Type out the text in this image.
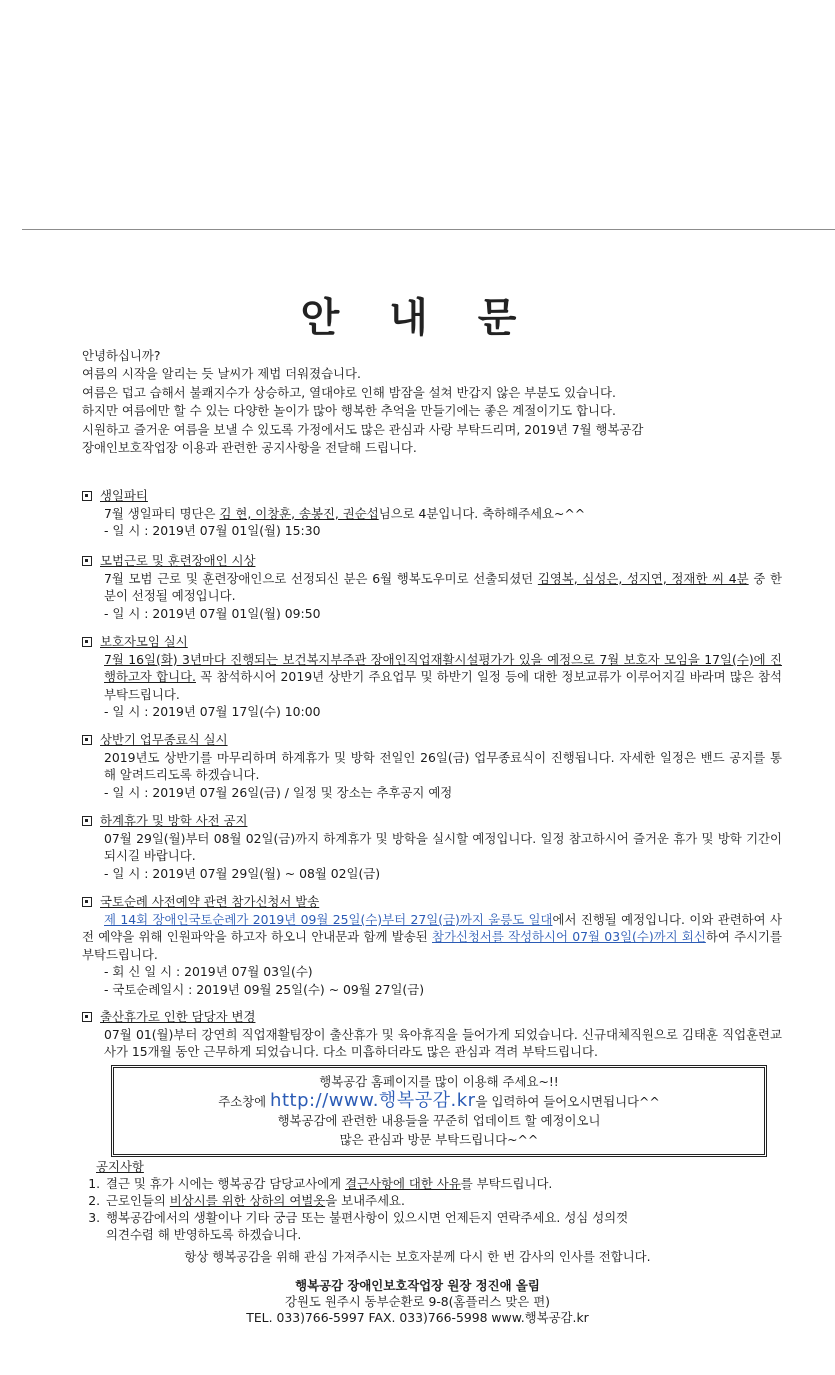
안 내 문
안녕하십니까?
여름의 시작을 알리는 듯 날씨가 제법 더워졌습니다.
여름은 덥고 습해서 불쾌지수가 상승하고, 열대야로 인해 밤잠을 설쳐 반갑지 않은 부분도 있습니다.
하지만 여름에만 할 수 있는 다양한 놀이가 많아 행복한 추억을 만들기에는 좋은 계절이기도 합니다.
시원하고 즐거운 여름을 보낼 수 있도록 가정에서도 많은 관심과 사랑 부탁드리며, 2019년 7월 행복공감
장애인보호작업장 이용과 관련한 공지사항을 전달해 드립니다.
생일파티
7월 생일파티 명단은 김 현, 이창훈, 송봉진, 권순섭님으로 4분입니다. 축하해주세요~^^
- 일 시 : 2019년 07월 01일(월) 15:30
모범근로 및 훈련장애인 시상
7월 모범 근로 및 훈련장애인으로 선정되신 분은 6월 행복도우미로 선출되셨던 김영복, 심성은, 성지연, 정재한 씨 4분 중 한 분이 선정될 예정입니다.
- 일 시 : 2019년 07월 01일(월) 09:50
보호자모임 실시
7월 16일(화) 3년마다 진행되는 보건복지부주관 장애인직업재활시설평가가 있을 예정으로 7월 보호자 모임을 17일(수)에 진행하고자 합니다. 꼭 참석하시어 2019년 상반기 주요업무 및 하반기 일정 등에 대한 정보교류가 이루어지길 바라며 많은 참석 부탁드립니다.
- 일 시 : 2019년 07월 17일(수) 10:00
상반기 업무종료식 실시
2019년도 상반기를 마무리하며 하계휴가 및 방학 전일인 26일(금) 업무종료식이 진행됩니다. 자세한 일정은 밴드 공지를 통해 알려드리도록 하겠습니다.
- 일 시 : 2019년 07월 26일(금) / 일정 및 장소는 추후공지 예정
하계휴가 및 방학 사전 공지
07월 29일(월)부터 08월 02일(금)까지 하계휴가 및 방학을 실시할 예정입니다. 일정 참고하시어 즐거운 휴가 및 방학 기간이 되시길 바랍니다.
- 일 시 : 2019년 07월 29일(월) ~ 08월 02일(금)
국토순례 사전예약 관련 참가신청서 발송
제 14회 장애인국토순례가 2019년 09월 25일(수)부터 27일(금)까지 울릉도 일대에서 진행될 예정입니다. 이와 관련하여 사전 예약을 위해 인원파악을 하고자 하오니 안내문과 함께 발송된 참가신청서를 작성하시어 07월 03일(수)까지 회신하여 주시기를 부탁드립니다.
- 회 신 일 시 : 2019년 07월 03일(수)
- 국토순례일시 : 2019년 09월 25일(수) ~ 09월 27일(금)
출산휴가로 인한 담당자 변경
07월 01(월)부터 강연희 직업재활팀장이 출산휴가 및 육아휴직을 들어가게 되었습니다. 신규대체직원으로 김태훈 직업훈련교사가 15개월 동안 근무하게 되었습니다. 다소 미흡하더라도 많은 관심과 격려 부탁드립니다.
행복공감 홈페이지를 많이 이용해 주세요~!!
주소창에 http://www.행복공감.kr을 입력하여 들어오시면됩니다^^
행복공감에 관련한 내용들을 꾸준히 업데이트 할 예정이오니
많은 관심과 방문 부탁드립니다~^^
공지사항
1. 결근 및 휴가 시에는 행복공감 담당교사에게 결근사항에 대한 사유를 부탁드립니다.
2. 근로인들의 비상시를 위한 상하의 여벌옷을 보내주세요.
3. 행복공감에서의 생활이나 기타 궁금 또는 불편사항이 있으시면 언제든지 연락주세요. 성심 성의껏
의견수렴 해 반영하도록 하겠습니다.
항상 행복공감을 위해 관심 가져주시는 보호자분께 다시 한 번 감사의 인사를 전합니다.
행복공감 장애인보호작업장 원장 정진애 올림
강원도 원주시 동부순환로 9-8(홈플러스 맞은 편)
TEL. 033)766-5997 FAX. 033)766-5998 www.행복공감.kr
